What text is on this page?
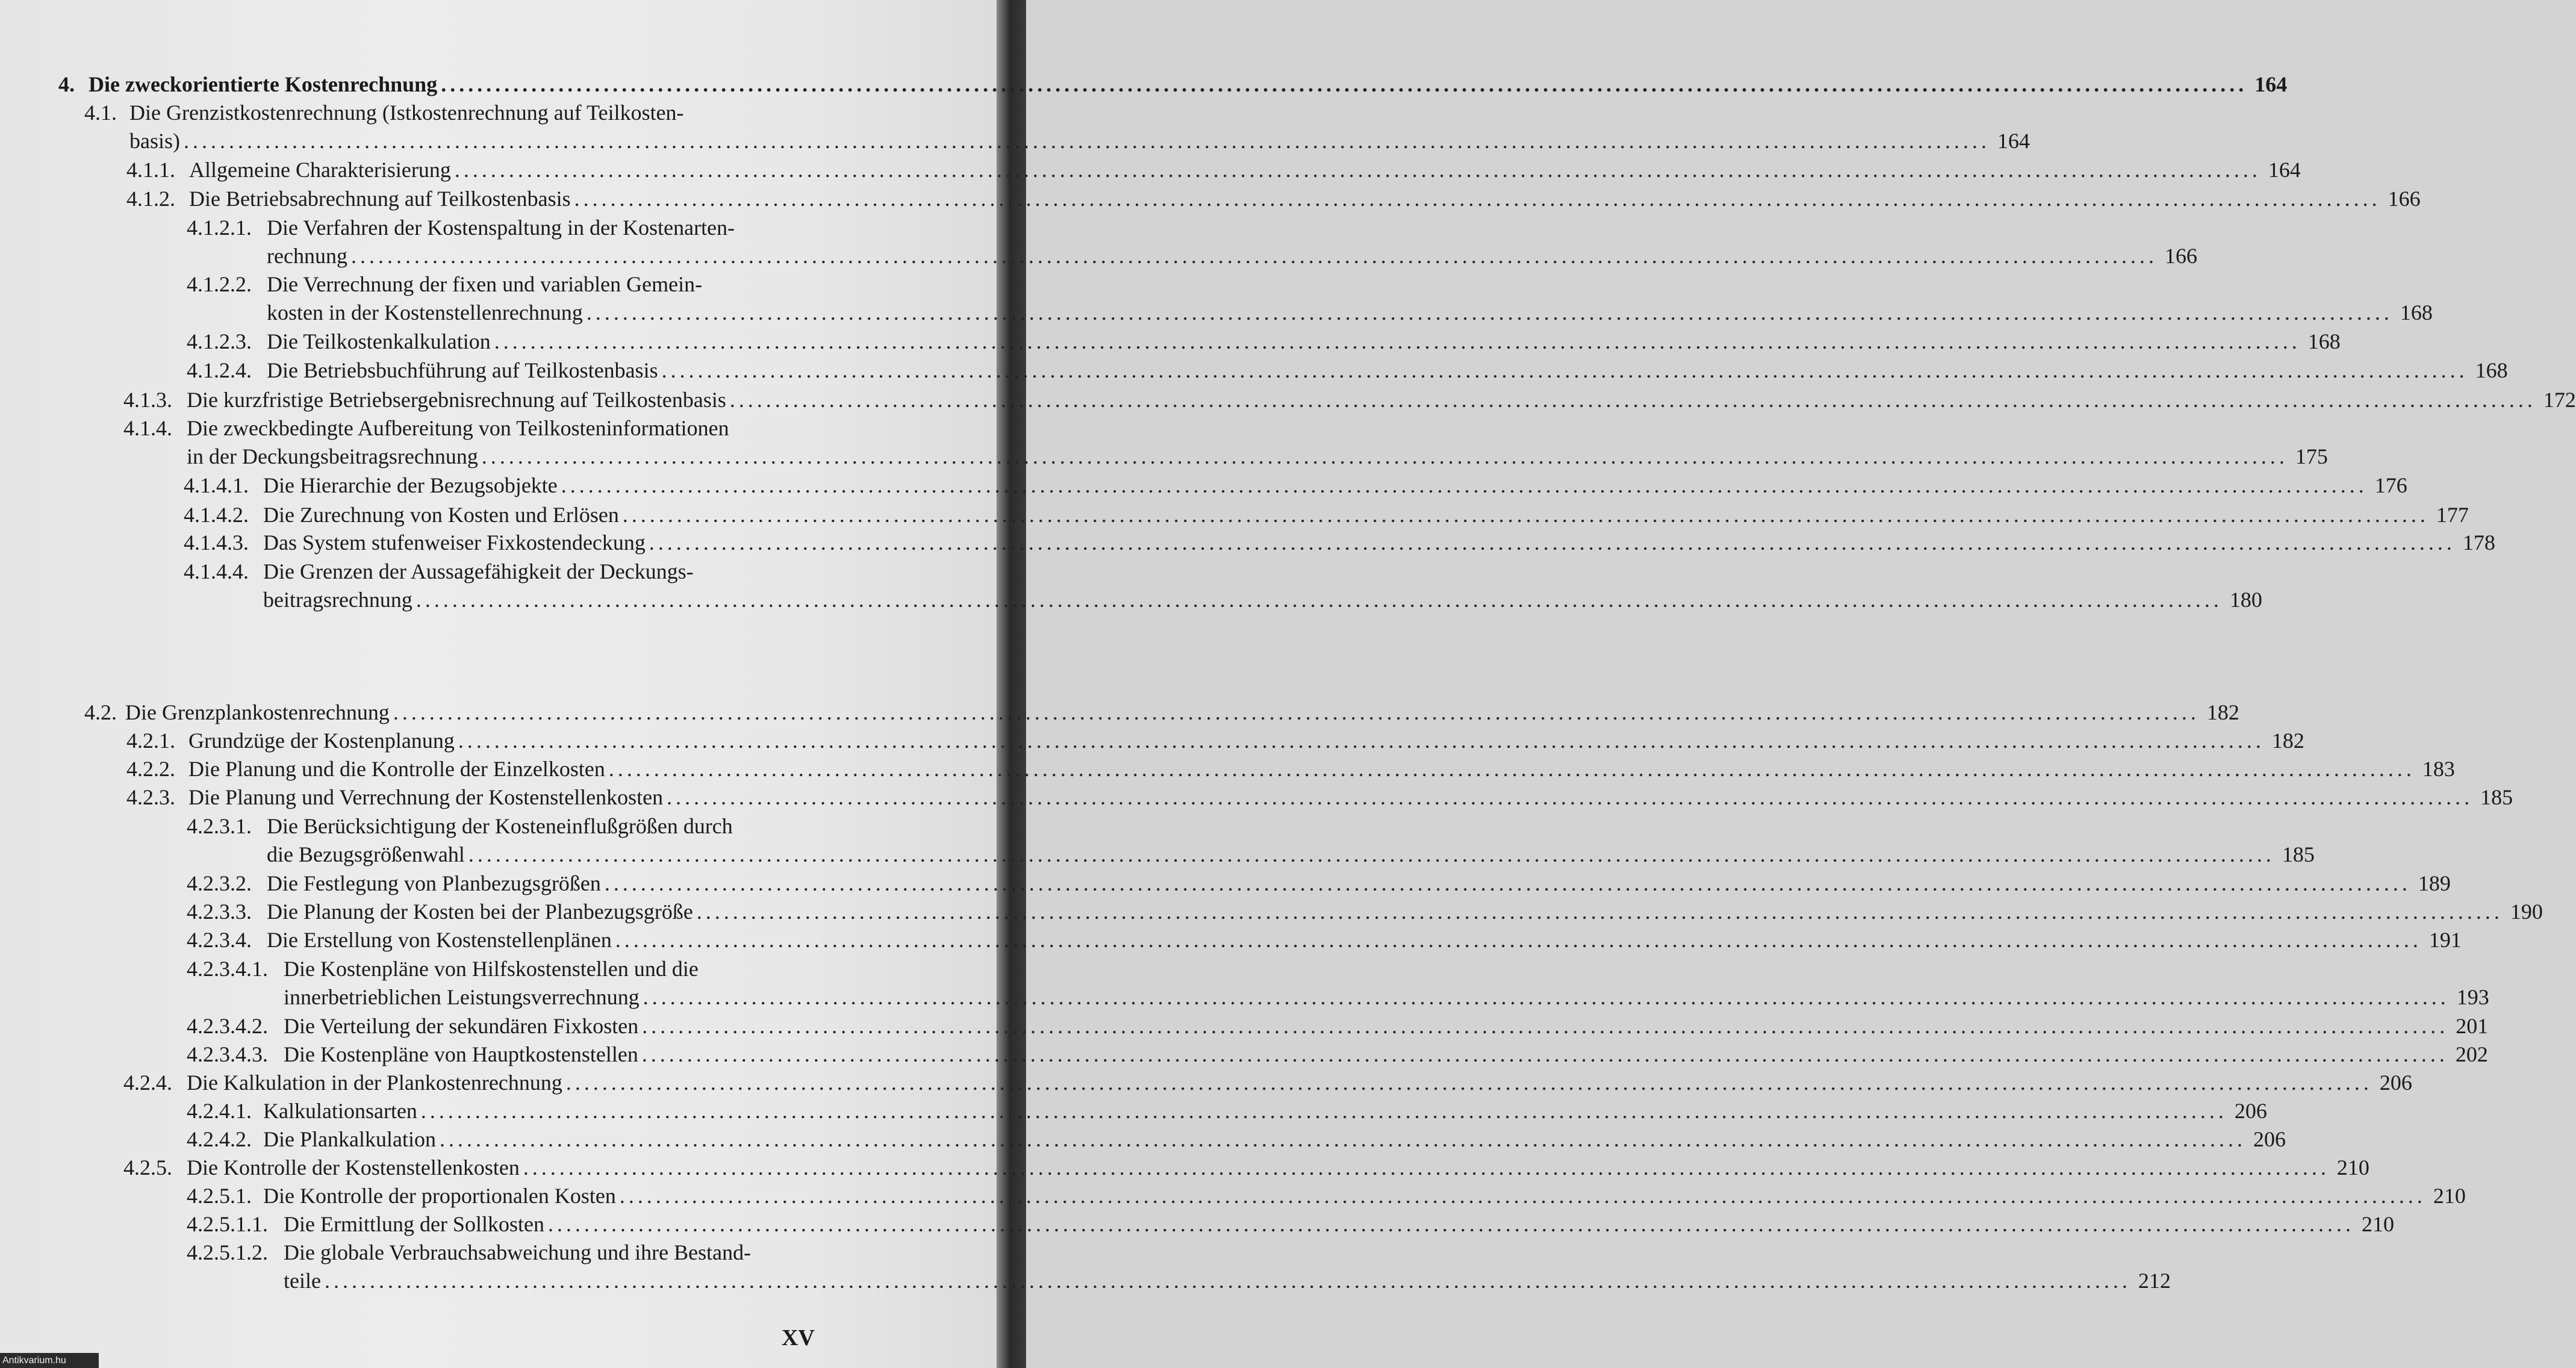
4. Die zweckorientierte Kostenrechnung ........................................................................................................................................................................................................ 164
4.1. Die Grenzistkostenrechnung (Istkostenrechnung auf Teilkosten-
basis) ........................................................................................................................................................................................................ 164
4.1.1. Allgemeine Charakterisierung ........................................................................................................................................................................................................ 164
4.1.2. Die Betriebsabrechnung auf Teilkostenbasis ........................................................................................................................................................................................................ 166
4.1.2.1. Die Verfahren der Kostenspaltung in der Kostenarten-
rechnung ........................................................................................................................................................................................................ 166
4.1.2.2. Die Verrechnung der fixen und variablen Gemein-
kosten in der Kostenstellenrechnung ........................................................................................................................................................................................................ 168
4.1.2.3. Die Teilkostenkalkulation ........................................................................................................................................................................................................ 168
4.1.2.4. Die Betriebsbuchführung auf Teilkostenbasis ........................................................................................................................................................................................................ 168
4.1.3. Die kurzfristige Betriebsergebnisrechnung auf Teilkostenbasis ........................................................................................................................................................................................................ 172
4.1.4. Die zweckbedingte Aufbereitung von Teilkosteninformationen
in der Deckungsbeitragsrechnung ........................................................................................................................................................................................................ 175
4.1.4.1. Die Hierarchie der Bezugsobjekte ........................................................................................................................................................................................................ 176
4.1.4.2. Die Zurechnung von Kosten und Erlösen ........................................................................................................................................................................................................ 177
4.1.4.3. Das System stufenweiser Fixkostendeckung ........................................................................................................................................................................................................ 178
4.1.4.4. Die Grenzen der Aussagefähigkeit der Deckungs-
beitragsrechnung ........................................................................................................................................................................................................ 180
4.2. Die Grenzplankostenrechnung ........................................................................................................................................................................................................ 182
4.2.1. Grundzüge der Kostenplanung ........................................................................................................................................................................................................ 182
4.2.2. Die Planung und die Kontrolle der Einzelkosten ........................................................................................................................................................................................................ 183
4.2.3. Die Planung und Verrechnung der Kostenstellenkosten ........................................................................................................................................................................................................ 185
4.2.3.1. Die Berücksichtigung der Kosteneinflußgrößen durch
die Bezugsgrößenwahl ........................................................................................................................................................................................................ 185
4.2.3.2. Die Festlegung von Planbezugsgrößen ........................................................................................................................................................................................................ 189
4.2.3.3. Die Planung der Kosten bei der Planbezugsgröße ........................................................................................................................................................................................................ 190
4.2.3.4. Die Erstellung von Kostenstellenplänen ........................................................................................................................................................................................................ 191
4.2.3.4.1. Die Kostenpläne von Hilfskostenstellen und die
innerbetrieblichen Leistungsverrechnung ........................................................................................................................................................................................................ 193
4.2.3.4.2. Die Verteilung der sekundären Fixkosten ........................................................................................................................................................................................................ 201
4.2.3.4.3. Die Kostenpläne von Hauptkostenstellen ........................................................................................................................................................................................................ 202
4.2.4. Die Kalkulation in der Plankostenrechnung ........................................................................................................................................................................................................ 206
4.2.4.1. Kalkulationsarten ........................................................................................................................................................................................................ 206
4.2.4.2. Die Plankalkulation ........................................................................................................................................................................................................ 206
4.2.5. Die Kontrolle der Kostenstellenkosten ........................................................................................................................................................................................................ 210
4.2.5.1. Die Kontrolle der proportionalen Kosten ........................................................................................................................................................................................................ 210
4.2.5.1.1. Die Ermittlung der Sollkosten ........................................................................................................................................................................................................ 210
4.2.5.1.2. Die globale Verbrauchsabweichung und ihre Bestand-
teile ........................................................................................................................................................................................................ 212
XV
Antikvarium.hu
